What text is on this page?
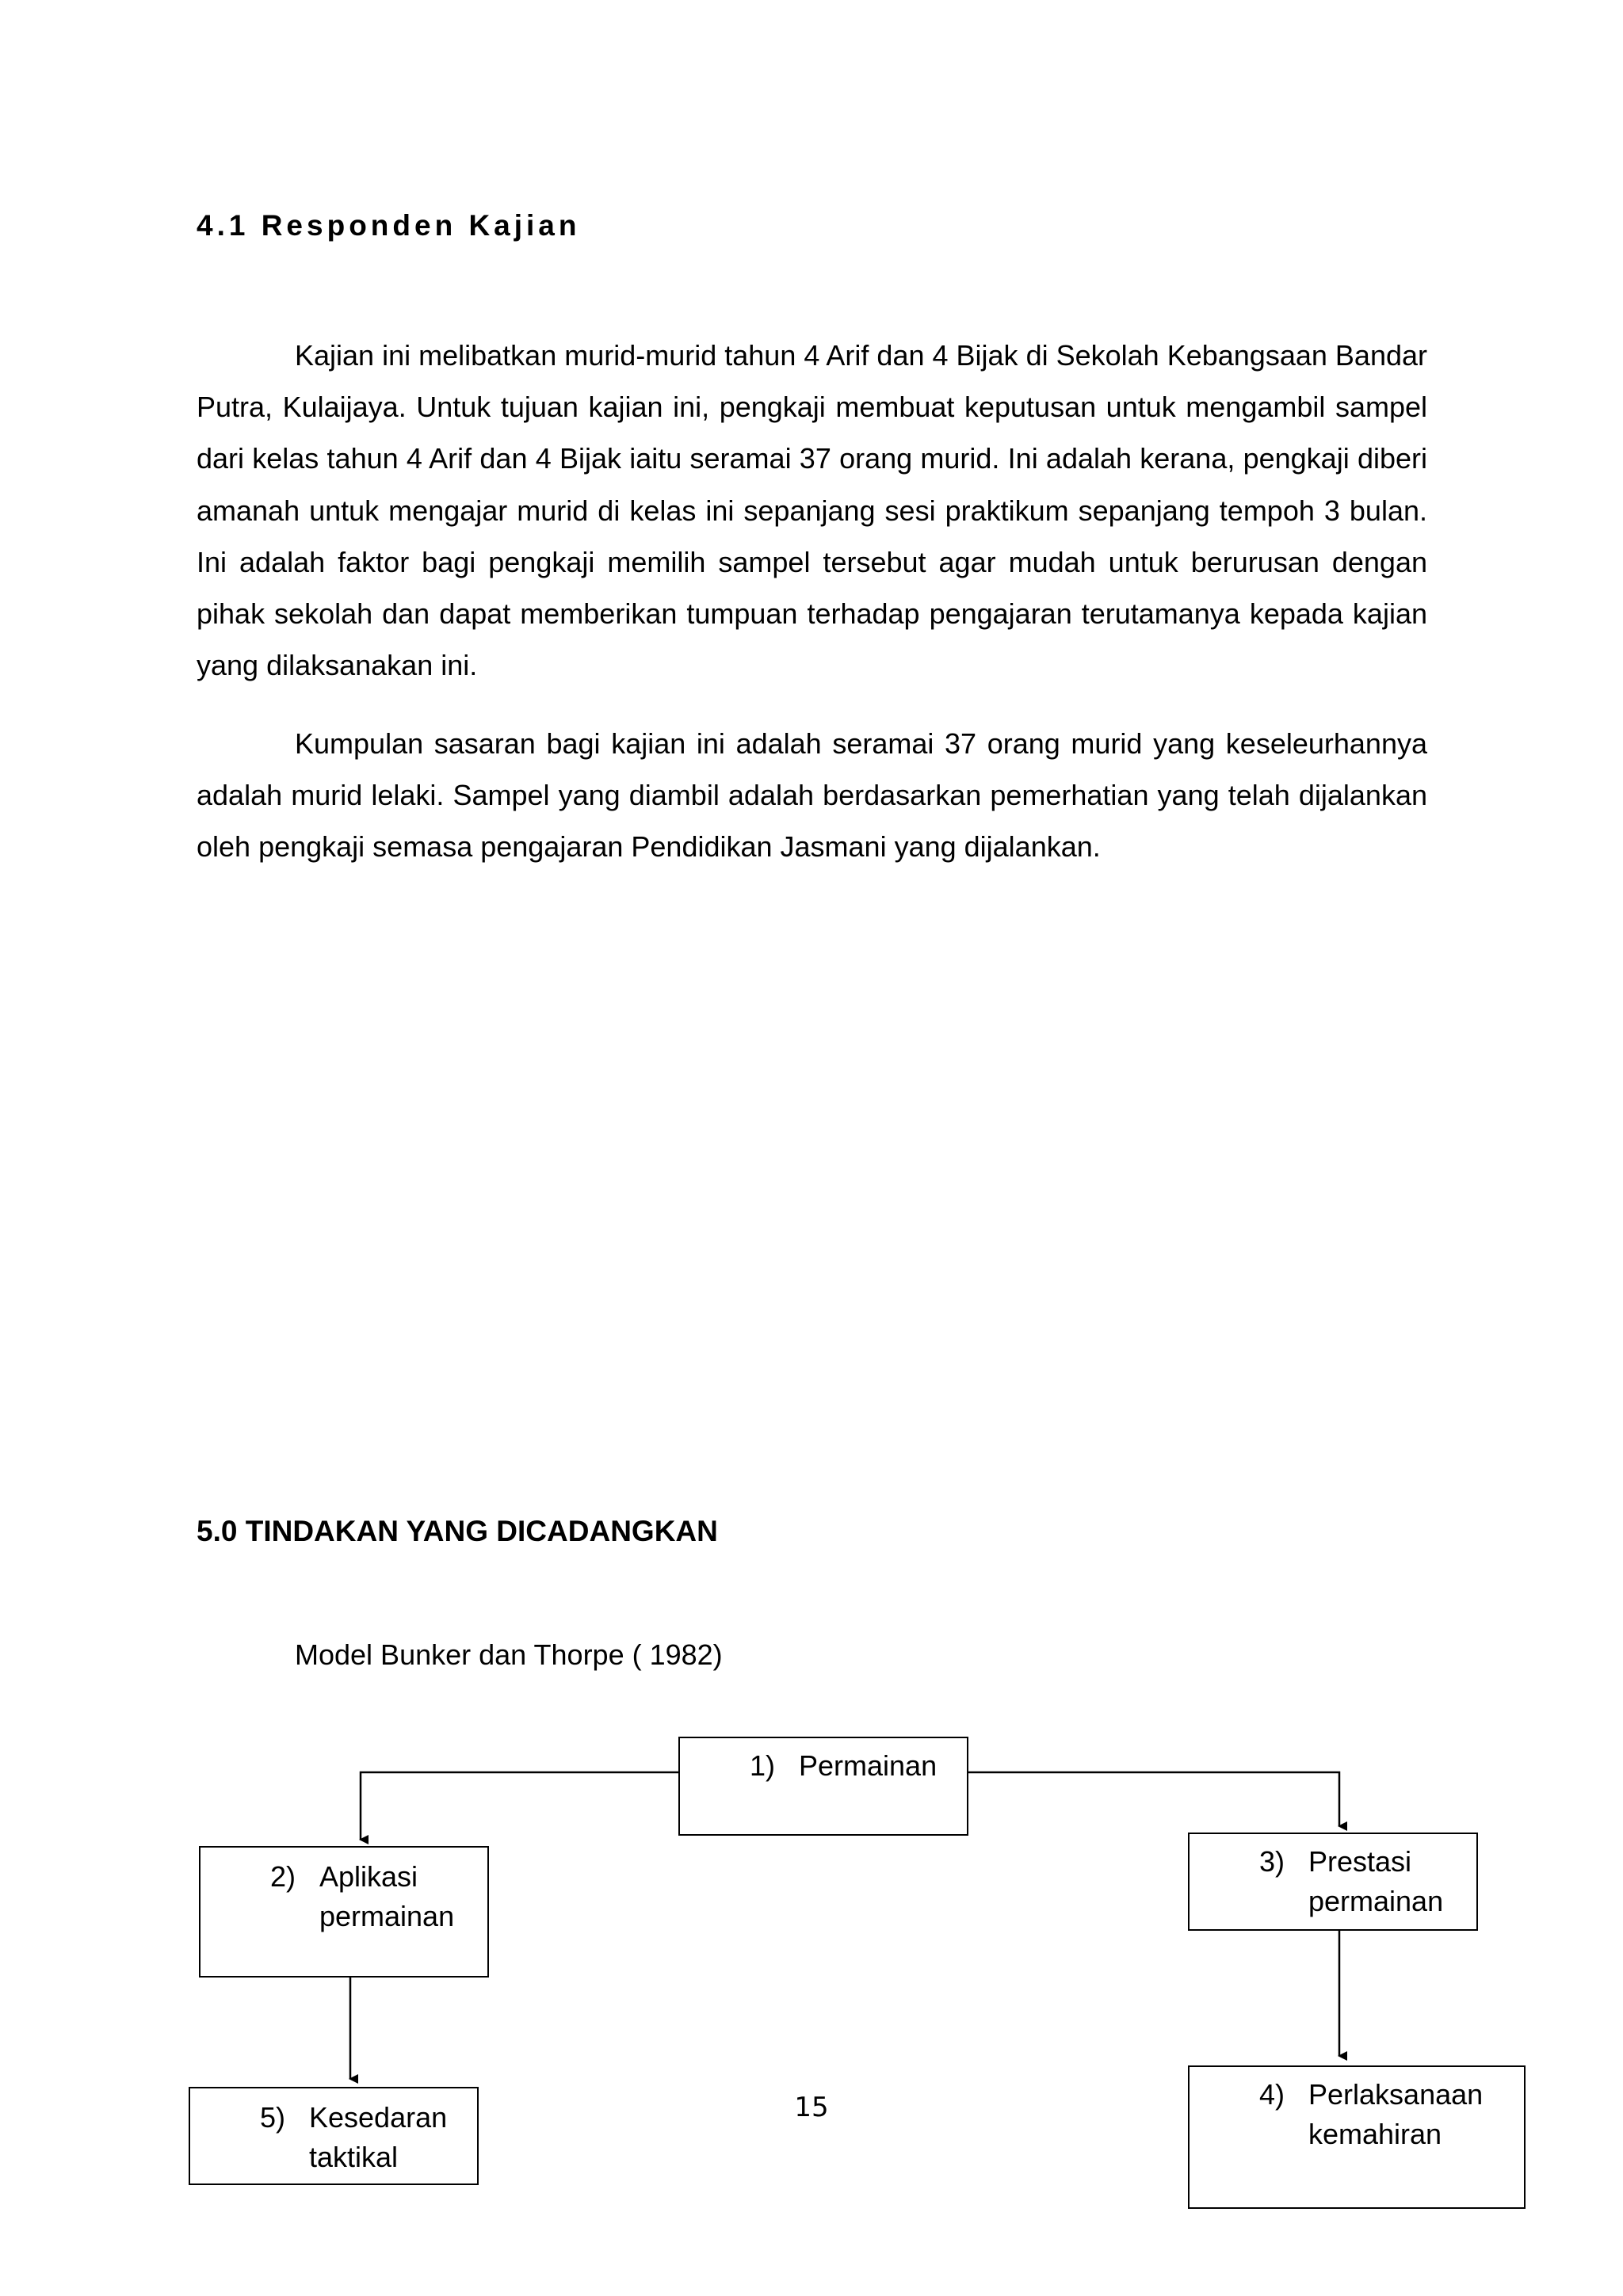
4.1 Responden Kajian

Kajian ini melibatkan murid-murid tahun 4 Arif dan 4 Bijak di Sekolah Kebangsaan Bandar Putra, Kulaijaya. Untuk tujuan kajian ini, pengkaji membuat keputusan untuk mengambil sampel dari kelas tahun 4 Arif dan 4 Bijak iaitu seramai 37 orang murid. Ini adalah kerana, pengkaji diberi amanah untuk mengajar murid di kelas ini sepanjang sesi praktikum sepanjang tempoh 3 bulan. Ini adalah faktor bagi pengkaji memilih sampel tersebut agar mudah untuk berurusan dengan pihak sekolah dan dapat memberikan tumpuan terhadap pengajaran terutamanya kepada kajian yang dilaksanakan ini.

Kumpulan sasaran bagi kajian ini adalah seramai 37 orang murid yang keseleurhannya adalah murid lelaki. Sampel yang diambil adalah berdasarkan pemerhatian yang telah dijalankan oleh pengkaji semasa pengajaran Pendidikan Jasmani yang dijalankan.

5.0 TINDAKAN YANG DICADANGKAN

Model Bunker dan Thorpe ( 1982)

1) Permainan
2) Aplikasi
permainan
3) Prestasi
permainan
4) Perlaksanaan
kemahiran
5) Kesedaran
taktikal
15
